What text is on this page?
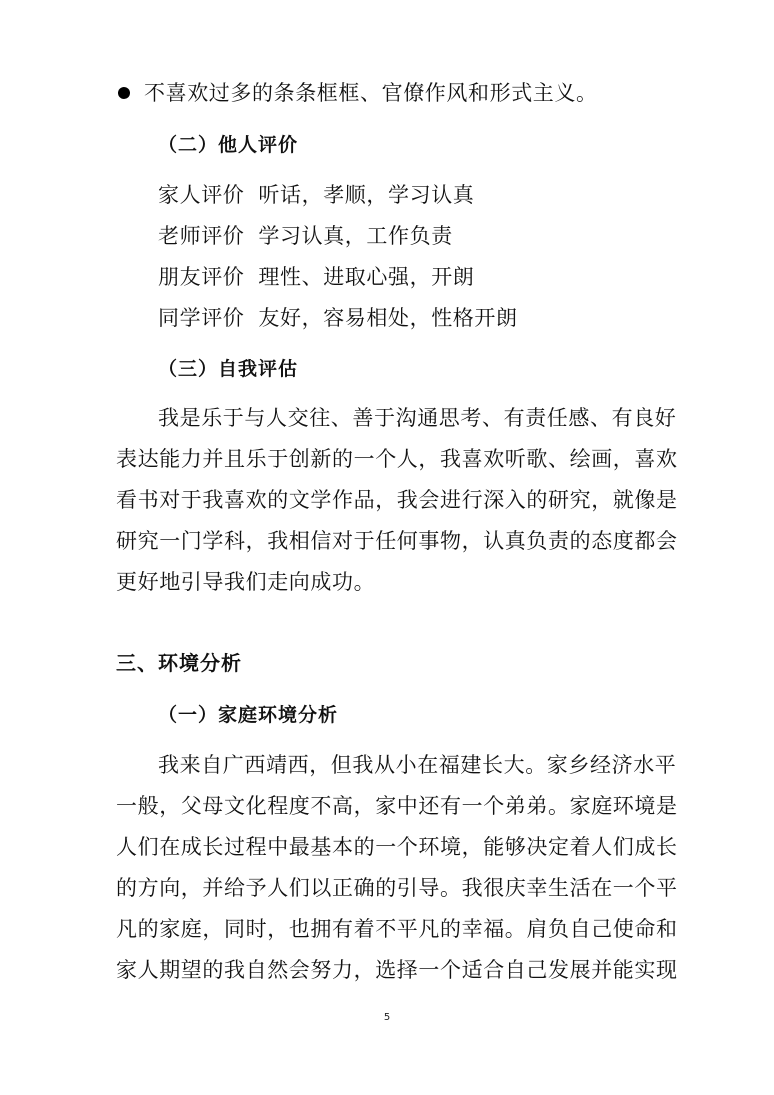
不喜欢过多的条条框框、官僚作风和形式主义。
（二）他人评价
家人评价 听话，孝顺，学习认真
老师评价 学习认真，工作负责
朋友评价 理性、进取心强，开朗
同学评价 友好，容易相处，性格开朗
（三）自我评估
我是乐于与人交往、善于沟通思考、有责任感、有良好
表达能力并且乐于创新的一个人，我喜欢听歌、绘画，喜欢
看书对于我喜欢的文学作品，我会进行深入的研究，就像是
研究一门学科，我相信对于任何事物，认真负责的态度都会
更好地引导我们走向成功。
三、环境分析
（一）家庭环境分析
我来自广西靖西，但我从小在福建长大。家乡经济水平
一般，父母文化程度不高，家中还有一个弟弟。家庭环境是
人们在成长过程中最基本的一个环境，能够决定着人们成长
的方向，并给予人们以正确的引导。我很庆幸生活在一个平
凡的家庭，同时，也拥有着不平凡的幸福。肩负自己使命和
家人期望的我自然会努力，选择一个适合自己发展并能实现
5
